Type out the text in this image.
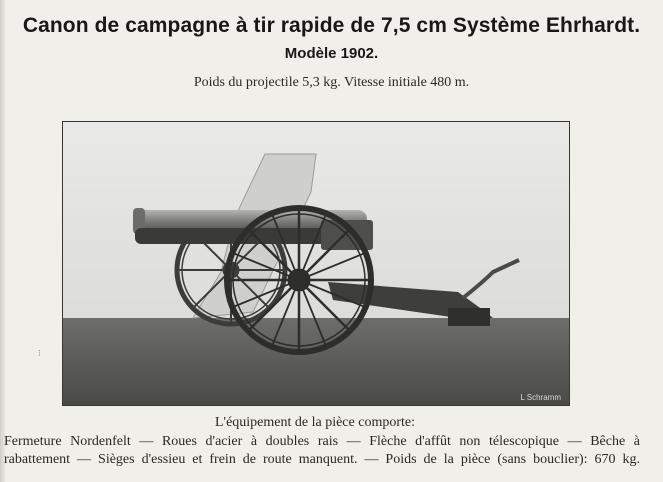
Canon de campagne à tir rapide de 7,5 cm Système Ehrhardt.
Modèle 1902.
Poids du projectile 5,3 kg. Vitesse initiale 480 m.
L Schramm
⁝
L'équipement de la pièce comporte:
Fermeture Nordenfelt — Roues d'acier à doubles rais — Flèche d'affût non télescopique — Bêche à
rabattement — Sièges d'essieu et frein de route manquent. — Poids de la pièce (sans bouclier): 670 kg.
